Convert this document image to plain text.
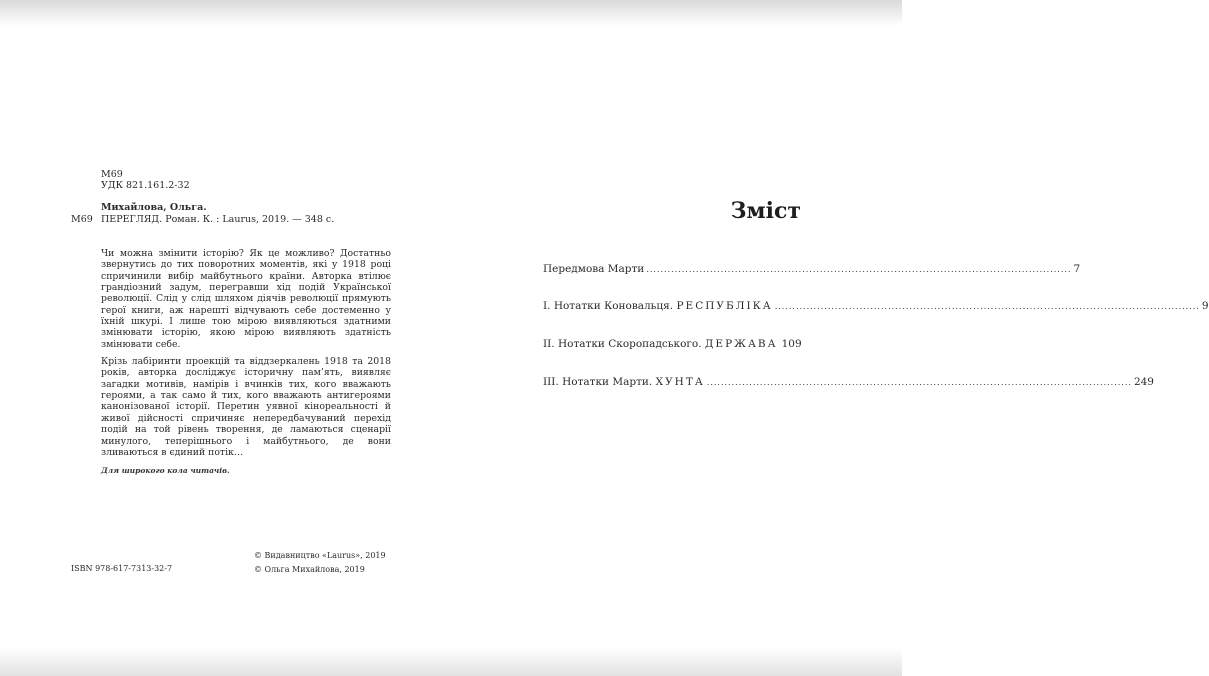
М69
УДК 821.161.2-32
Михайлова, Ольга.
М69 ПЕРЕГЛЯД. Роман. К. : Laurus, 2019. — 348 с.

Чи можна змінити історію? Як це можливо? Достатньо звернутись до тих поворотних моментів, які у 1918 році спричинили вибір майбутнього країни. Авторка втілює грандіозний задум, перегравши хід подій Української революції. Слід у слід шляхом діячів революції прямують герої книги, аж нарешті відчувають себе достеменно у їхній шкурі. І лише тою мірою виявляються здатними змінювати історію, якою мірою виявляють здатність змінювати себе.

Крізь лабіринти проекцій та віддзеркалень 1918 та 2018 років, авторка досліджує історичну пам’ять, виявляє загадки мотивів, намірів і вчинків тих, кого вважають героями, а так само й тих, кого вважають антигероями канонізованої історії. Перетин уявної кінореальності й живої дійсності спричиняє непередбачуваний перехід подій на той рівень творення, де ламаються сценарії минулого, теперішнього і майбутнього, де вони зливаються в єдиний потік…

Для широкого кола читачів.
ISBN 978-617-7313-32-7
© Видавництво «Laurus», 2019
© Ольга Михайлова, 2019
Зміст
Передмова Марти ........................................................................................................................ 7
І. Нотатки Коновальця. РЕСПУБЛІКА ........................................................................................................................ 9
ІІ. Нотатки Скоропадського. ДЕРЖАВА 109
ІІІ. Нотатки Марти. ХУНТА ........................................................................................................................ 249
